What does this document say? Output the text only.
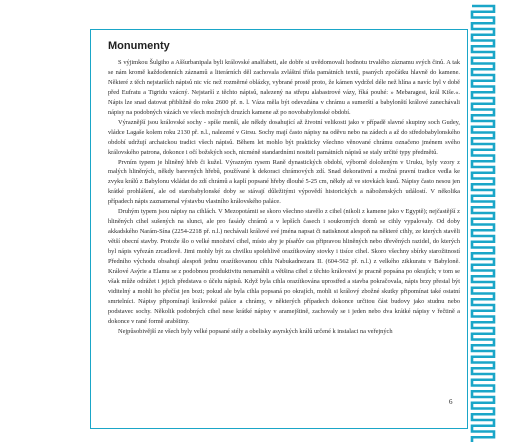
Monumenty

S výjimkou Šulgiho a Aššurbanipala byli královské analfabeti, ale dobře si uvědomovali hodnotu trvalého záznamu svých činů. A tak se nám kromě každodenních záznamů a literárních děl zachovala zvláštní třída památních textů, psaných zpočátku hlavně do kamene. Některé z těch nejstarších nápisů nic víc než rozměrné oblázky, vybrané prostě proto, že kámen vydržel déle než hlína a navíc byl v době před Eufratu a Tigridu vzácný. Nejstarší z těchto nápisů, nalezený na střepu alabastrové vázy, říká pouhé: » Mebaragesi, král Kiše.«. Nápis lze snad datovat přibližně do roku 2600 př. n. l. Váza měla být odevzdána v chrámu a sumerští a babylonští králové zanechávali nápisy na podobných vázách ve všech možných druzích kamene až po novobabylonské období.

Výraznější jsou královské sochy - spíše menší, ale někdy dosahující až životní velikosti jako v případě slavné skupiny soch Gudey, vládce Lagaše kolem roku 2130 př. n.l., nalezené v Girsu. Sochy mají často nápisy na oděvu nebo na zádech a až do středobabylonského období udržují archaickou tradici všech nápisů. Během let mohlo být prakticky všechno věnované chrámu označeno jménem svého královského patrona, dokonce i očí božských soch, nicméně standardními nositeli památních nápisů se staly určité typy předmětů.

Prvním typem je hliněný hřeb či kužel. Výrazným rysem Raně dynastických období, výborně doloženým v Uruku, byly vzory z malých hliněných, někdy barevných hřebů, používané k dekoraci chrámových zdí. Snad dekorativní a možná pravní tradice vedla ke zvyku králů z Babylonu vkládat do zdí chrámů a kaplí popsané hřeby dlouhé 5-25 cm, někdy až ve stovkách kusů. Nápisy často nesou jen krátké prohlášení, ale od starobabylonské doby se stávají důležitými výpovědí historických a náboženských událostí. V několika případech nápis zaznamenal výstavbu vlastního královského paláce.

Druhým typem jsou nápisy na cihlách. V Mezopotámii se skoro všechno stavělo z cihel (nikoli z kamene jako v Egyptě); nejčastější z hliněných cihel sušených na slunci, ale pro fasády chrámů a v lepších časech i soukromých domů se cihly vypalovaly. Od doby akkadského Narám-Sína (2254-2218 př. n.l.) nechávali králové své jména napsat či natisknout alespoň na některé cihly, ze kterých stavěli větší obecní stavby. Protože šlo o velké množství cihel, místo aby je písařův cas připravou hliněných nebo dřevěných razidel, do kterých byl nápis vyřezán zrcadlově. Jimi mohly být za chvilku spolehlivě orazítkovány stovky i tisíce cihel. Skoro všechny sbírky starožitností Předního východu obsahují alespoň jednu orazítkovanou cihlu Nabukadnezara II. (604-562 př. n.l.) z velkého zikkuratu v Babyloně. Králové Asýrie a Elamu se z podobnou produktivitu nenamáhli a většina cihel z těchto království je pracně popsána po okrajích; v tom se však může odrážet i jejich představa o účelu nápisů. Když byla cihla orazítkována uprostřed a stavba pokračovala, nápis brzy přestal být viditelný a mohli ho přečíst jen bozi; pokud ale byla cihla popsaná po okrajích, mohli si králový zbožné skutky připomínat také ostatní smrtelníci. Nápisy připomínají královské paláce a chrámy, v některých případech dokonce určitou část budovy jako studnu nebo podstavec sochy. Několik podobných cihel nese krátké nápisy v aramejštině, zachovaly se i jeden nebo dva krátké nápisy v řečtině a dokonce v rané formě arabštiny.

Nejpůsobivější ze všech byly velké popsané stély a obelisky asyrských králů určené k instalaci na veřejných

6
